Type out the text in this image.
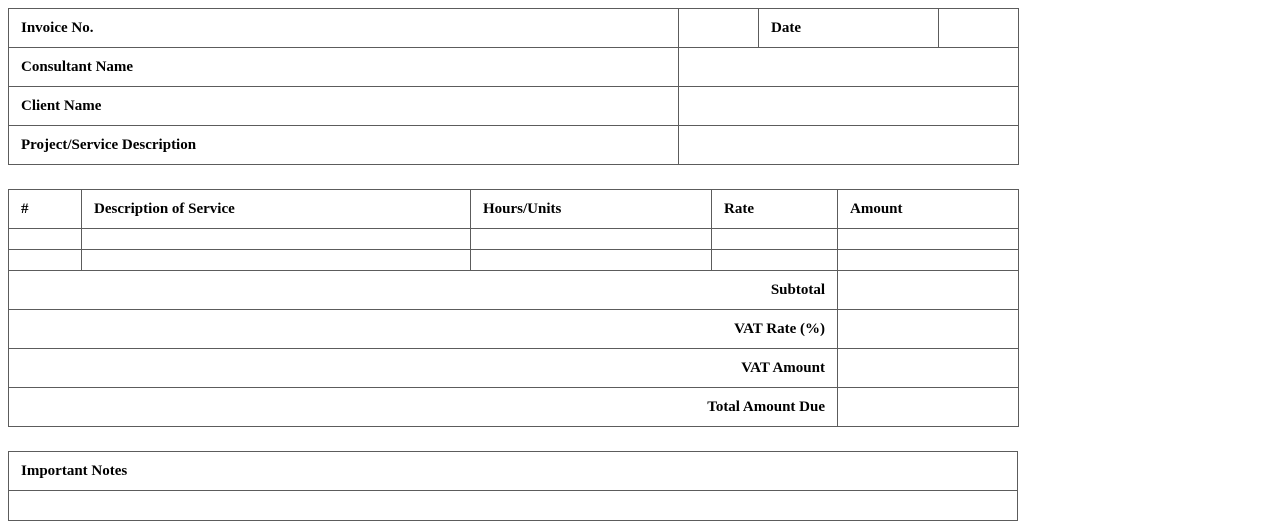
Invoice No.		Date	
Consultant Name			
Client Name			
Project/Service Description			
#	Description of Service	Hours/Units	Rate	Amount

Subtotal				
VAT Rate (%)				
VAT Amount				
Total Amount Due				
Important Notes
